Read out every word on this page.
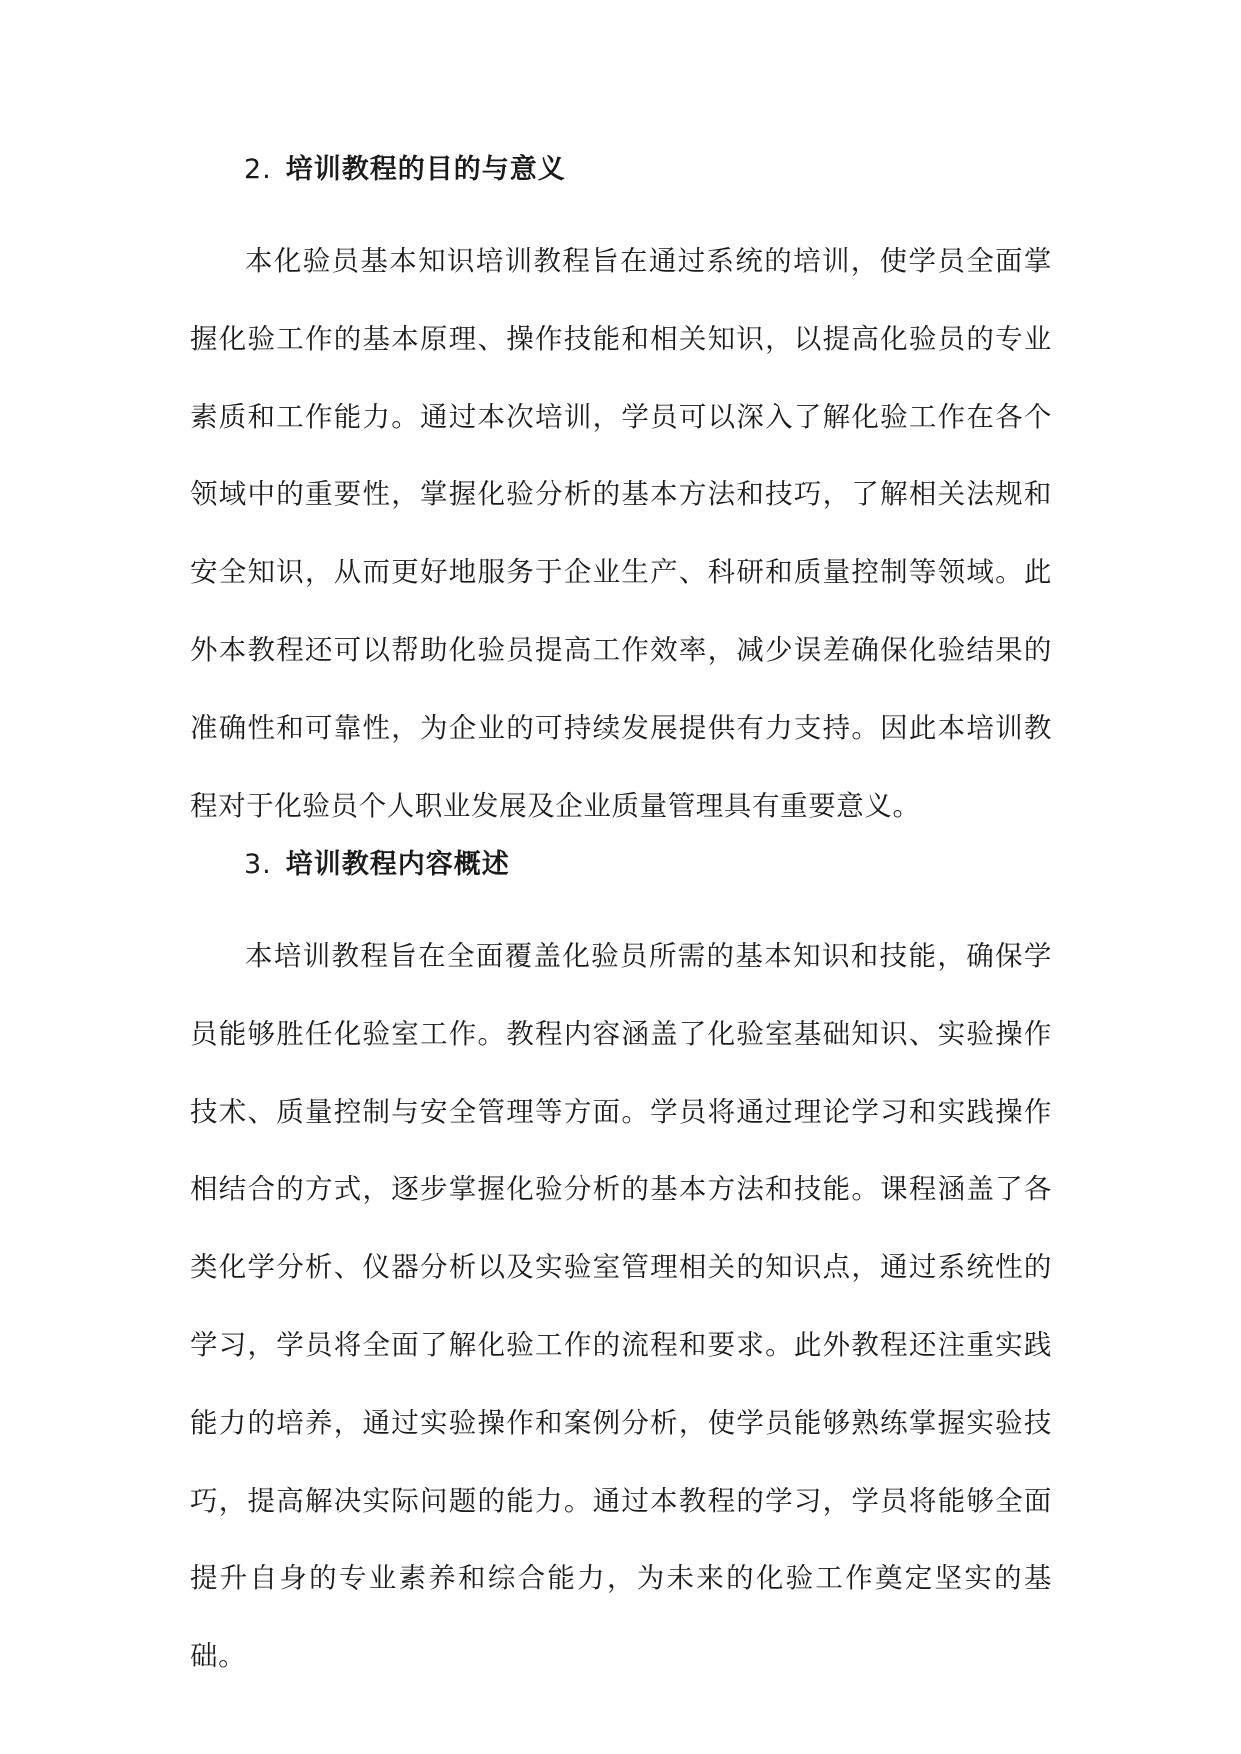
2. 培训教程的目的与意义

本化验员基本知识培训教程旨在通过系统的培训，使学员全面掌握化验工作的基本原理、操作技能和相关知识，以提高化验员的专业素质和工作能力。通过本次培训，学员可以深入了解化验工作在各个领域中的重要性，掌握化验分析的基本方法和技巧，了解相关法规和安全知识，从而更好地服务于企业生产、科研和质量控制等领域。此外本教程还可以帮助化验员提高工作效率，减少误差确保化验结果的准确性和可靠性，为企业的可持续发展提供有力支持。因此本培训教程对于化验员个人职业发展及企业质量管理具有重要意义。

3. 培训教程内容概述

本培训教程旨在全面覆盖化验员所需的基本知识和技能，确保学员能够胜任化验室工作。教程内容涵盖了化验室基础知识、实验操作技术、质量控制与安全管理等方面。学员将通过理论学习和实践操作相结合的方式，逐步掌握化验分析的基本方法和技能。课程涵盖了各类化学分析、仪器分析以及实验室管理相关的知识点，通过系统性的学习，学员将全面了解化验工作的流程和要求。此外教程还注重实践能力的培养，通过实验操作和案例分析，使学员能够熟练掌握实验技巧，提高解决实际问题的能力。通过本教程的学习，学员将能够全面提升自身的专业素养和综合能力，为未来的化验工作奠定坚实的基础。
